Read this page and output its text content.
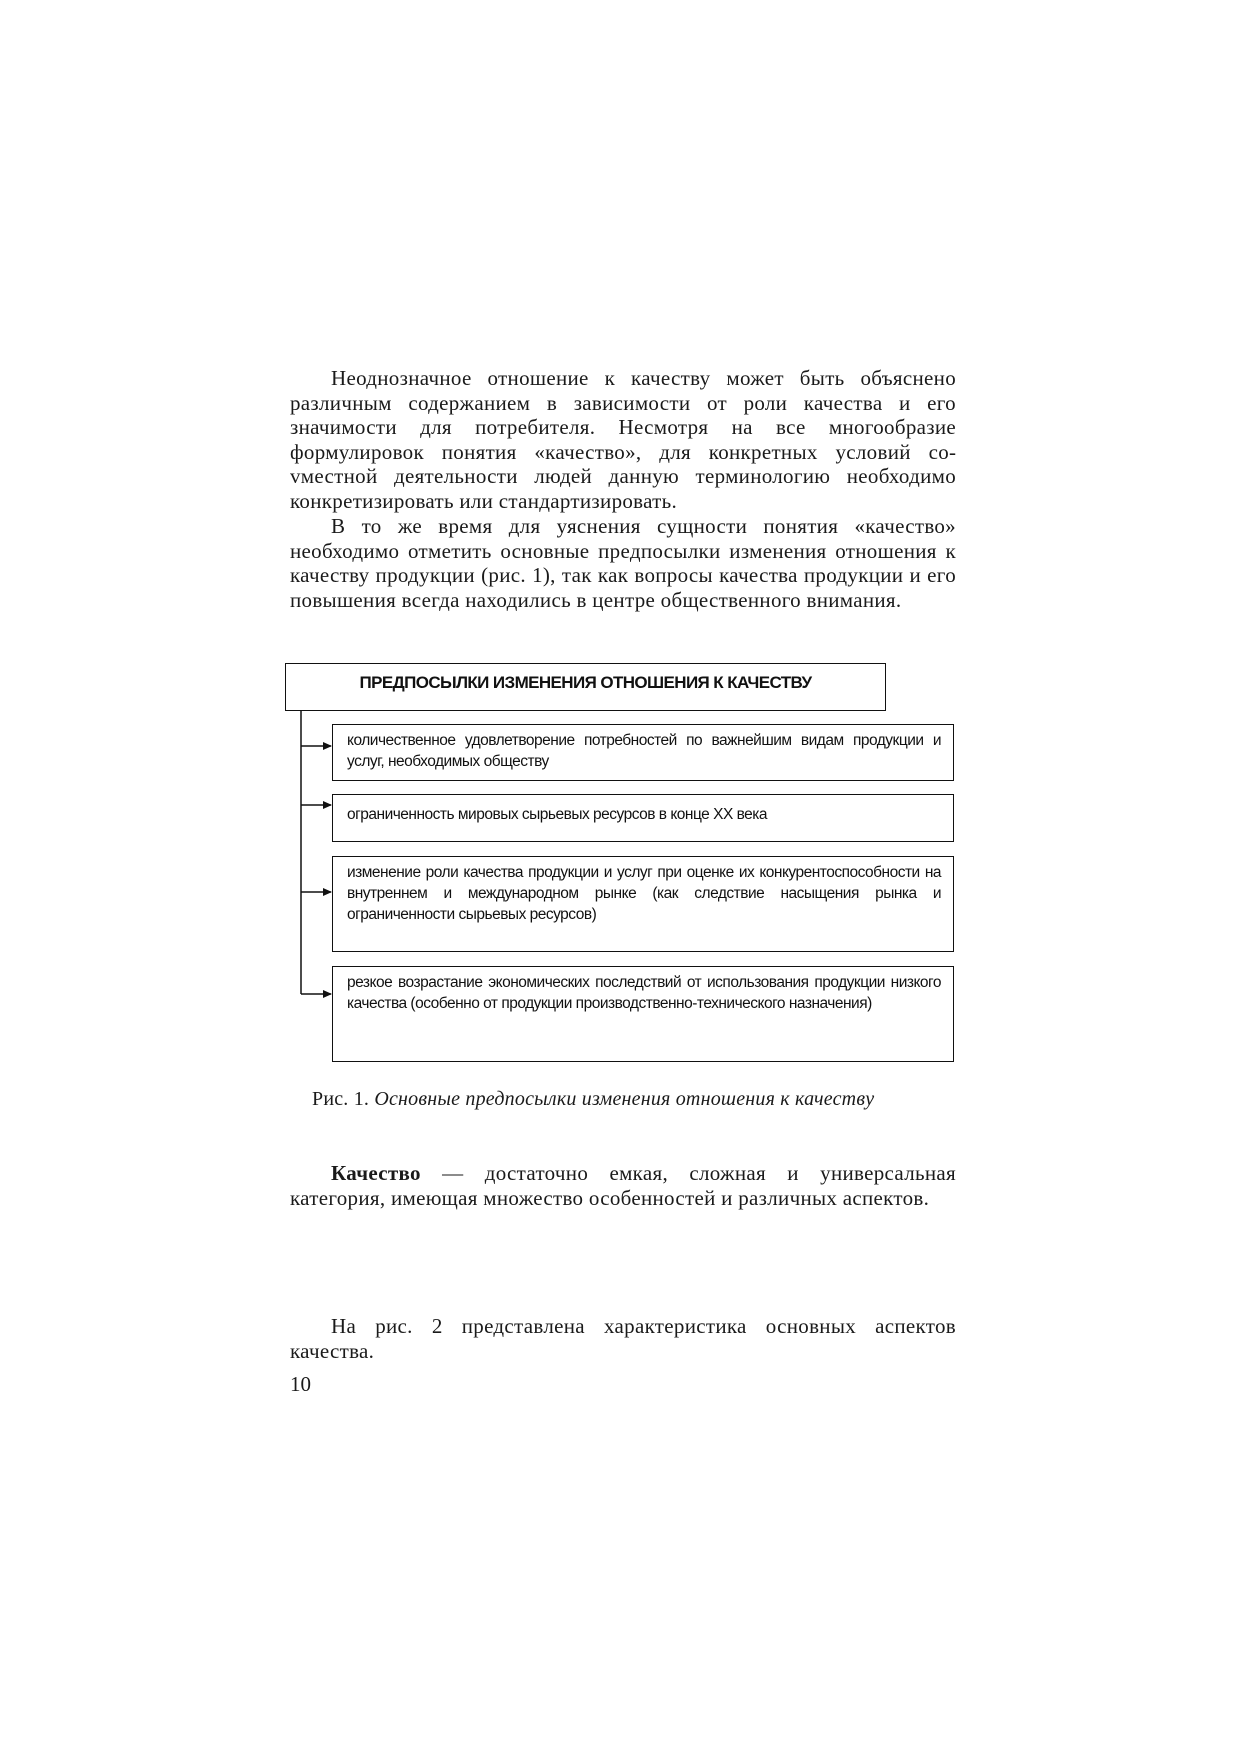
Неоднозначное отношение к качеству может быть объяснено различным содержанием в зависимости от роли качества и его значимости для потребителя. Несмотря на все многообразие формулировок понятия «качество», для конкретных условий соvместной деятельности людей данную терминологию необходимо конкретизировать или стандартизировать.

В то же время для уяснения сущности понятия «качество» необходимо отметить основные предпосылки изменения отношения к качеству продукции (рис. 1), так как вопросы качества продукции и его повышения всегда находились в центре общественного внимания.

ПРЕДПОСЫЛКИ ИЗМЕНЕНИЯ ОТНОШЕНИЯ К КАЧЕСТВУ
количественное удовлетворение потребностей по важнейшим видам продукции и услуг, необходимых обществу
ограниченность мировых сырьевых ресурсов в конце XX века
изменение роли качества продукции и услуг при оценке их конкурентоспособности на внутреннем и международном рынке (как следствие насыщения рынка и ограниченности сырьевых ресурсов)
резкое возрастание экономических последствий от использования продукции низкого качества (особенно от продукции производственно-технического назначения)
Рис. 1. Основные предпосылки изменения отношения к качеству

Качество — достаточно емкая, сложная и универсальная категория, имеющая множество особенностей и различных аспектов.

На рис. 2 представлена характеристика основных аспектов качества.

10
